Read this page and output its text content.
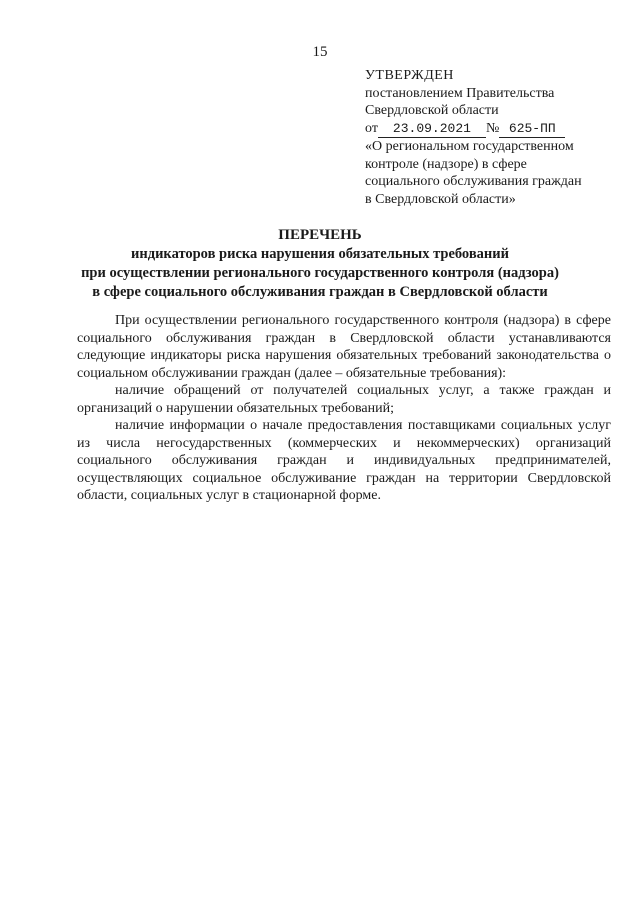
15
УТВЕРЖДЕН
постановлением Правительства
Свердловской области
от 23.09.2021 № 625-ПП
«О региональном государственном
контроле (надзоре) в сфере
социального обслуживания граждан
в Свердловской области»
ПЕРЕЧЕНЬ
индикаторов риска нарушения обязательных требований
при осуществлении регионального государственного контроля (надзора)
в сфере социального обслуживания граждан в Свердловской области

При осуществлении регионального государственного контроля (надзора) в сфере социального обслуживания граждан в Свердловской области устанавливаются следующие индикаторы риска нарушения обязательных требований законодательства о социальном обслуживании граждан (далее – обязательные требования):

наличие обращений от получателей социальных услуг, а также граждан и организаций о нарушении обязательных требований;

наличие информации о начале предоставления поставщиками социальных услуг из числа негосударственных (коммерческих и некоммерческих) организаций социального обслуживания граждан и индивидуальных предпринимателей, осуществляющих социальное обслуживание граждан на территории Свердловской области, социальных услуг в стационарной форме.
